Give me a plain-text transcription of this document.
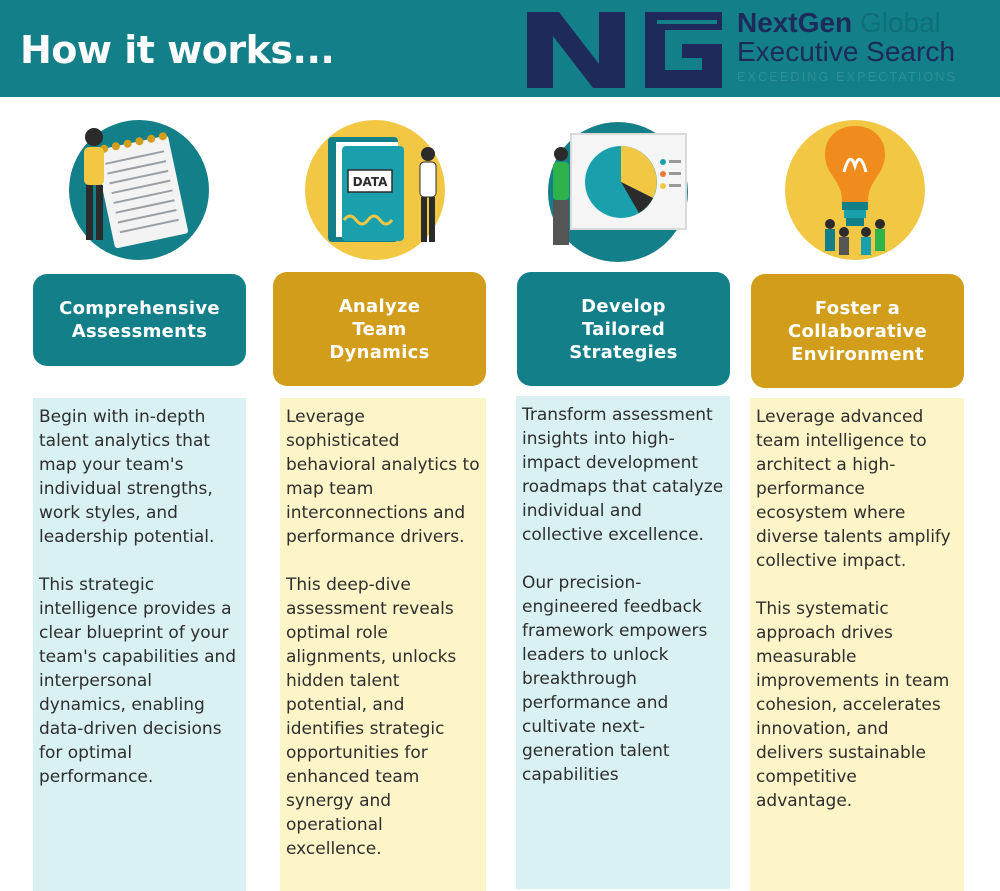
How it works...
NextGen Global
Executive Search
EXCEEDING EXPECTATIONS
DATA
Comprehensive
Assessments
Analyze
Team
Dynamics
Develop
Tailored
Strategies
Foster a
Collaborative
Environment

Begin with in-depth talent analytics that map your team's individual strengths, work styles, and leadership potential.

This strategic intelligence provides a clear blueprint of your team's capabilities and interpersonal dynamics, enabling data-driven decisions for optimal performance.

Leverage sophisticated behavioral analytics to map team interconnections and performance drivers.

This deep-dive assessment reveals optimal role alignments, unlocks hidden talent potential, and identifies strategic opportunities for enhanced team synergy and operational excellence.

Transform assessment insights into high-impact development roadmaps that catalyze individual and collective excellence.

Our precision-engineered feedback framework empowers leaders to unlock breakthrough performance and cultivate next-generation talent capabilities

Leverage advanced team intelligence to architect a high-performance ecosystem where diverse talents amplify collective impact.

This systematic approach drives measurable improvements in team cohesion, accelerates innovation, and delivers sustainable competitive advantage.
